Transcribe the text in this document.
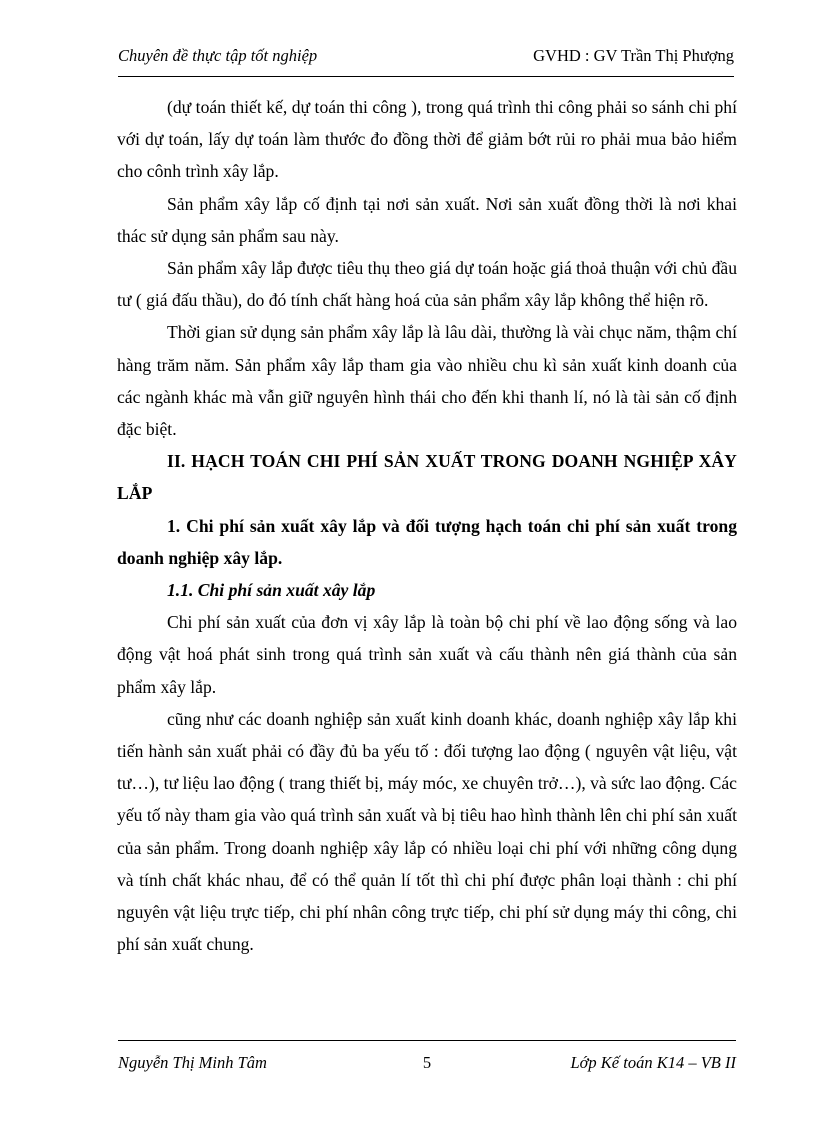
Chuyên đề thực tập tốt nghiệp	GVHD : GV Trần Thị Phượng

(dự toán thiết kế, dự toán thi công ), trong quá trình thi công phải so sánh chi phí với dự toán, lấy dự toán làm thước đo đồng thời để giảm bớt rủi ro phải mua bảo hiểm cho cônh trình xây lắp.

Sản phẩm xây lắp cố định tại nơi sản xuất. Nơi sản xuất đồng thời là nơi khai thác sử dụng sản phẩm sau này.

Sản phẩm xây lắp được tiêu thụ theo giá dự toán hoặc giá thoả thuận với chủ đầu tư ( giá đấu thầu), do đó tính chất hàng hoá của sản phẩm xây lắp không thể hiện rõ.

Thời gian sử dụng sản phẩm xây lắp là lâu dài, thường là vài chục năm, thậm chí hàng trăm năm. Sản phẩm xây lắp tham gia vào nhiều chu kì sản xuất kinh doanh của các ngành khác mà vẫn giữ nguyên hình thái cho đến khi thanh lí, nó là tài sản cố định đặc biệt.

II. HẠCH TOÁN CHI PHÍ SẢN XUẤT TRONG DOANH NGHIỆP XÂY LẮP

1. Chi phí sản xuất xây lắp và đối tượng hạch toán chi phí sản xuất trong doanh nghiệp xây lắp.

1.1. Chi phí sản xuất xây lắp

Chi phí sản xuất của đơn vị xây lắp là toàn bộ chi phí về lao động sống và lao động vật hoá phát sinh trong quá trình sản xuất và cấu thành nên giá thành của sản phẩm xây lắp.

cũng như các doanh nghiệp sản xuất kinh doanh khác, doanh nghiệp xây lắp khi tiến hành sản xuất phải có đầy đủ ba yếu tố : đối tượng lao động ( nguyên vật liệu, vật tư…), tư liệu lao động ( trang thiết bị, máy móc, xe chuyên trở…), và sức lao động. Các yếu tố này tham gia vào quá trình sản xuất và bị tiêu hao hình thành lên chi phí sản xuất của sản phẩm. Trong doanh nghiệp xây lắp có nhiều loại chi phí với những công dụng và tính chất khác nhau, để có thể quản lí tốt thì chi phí được phân loại thành : chi phí nguyên vật liệu trực tiếp, chi phí nhân công trực tiếp, chi phí sử dụng máy thi công, chi phí sản xuất chung.

Nguyễn Thị Minh Tâm	5	Lớp Kế toán K14 – VB II
